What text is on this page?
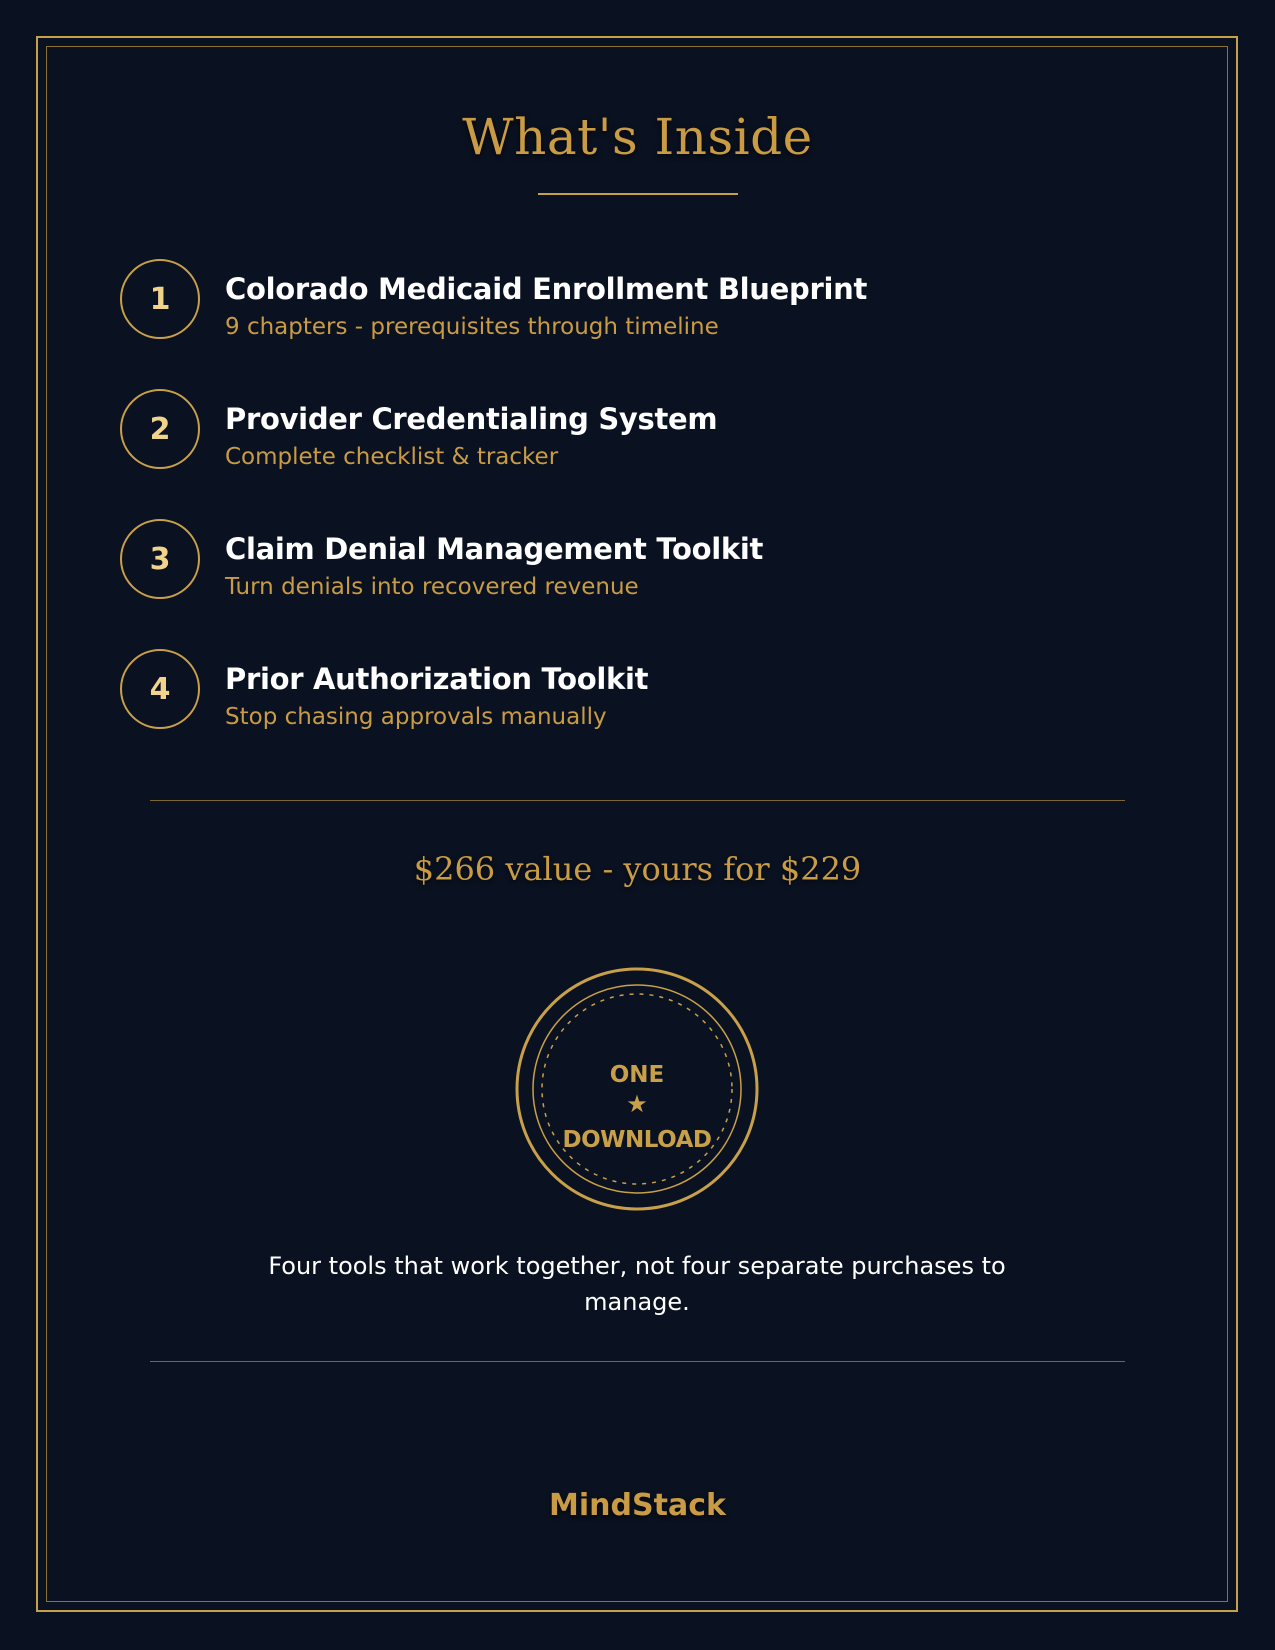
What's Inside
1	Colorado Medicaid Enrollment Blueprint
9 chapters - prerequisites through timeline
2	Provider Credentialing System
Complete checklist & tracker
3	Claim Denial Management Toolkit
Turn denials into recovered revenue
4	Prior Authorization Toolkit
Stop chasing approvals manually
$266 value - yours for $229
ONE
★
DOWNLOAD
Four tools that work together, not four separate purchases to manage.
MindStack
